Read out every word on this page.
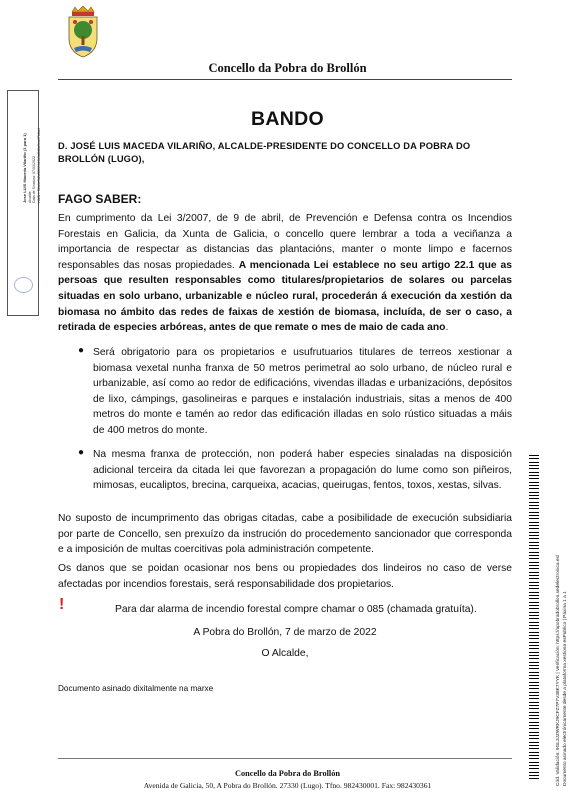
Concello da Pobra do Brollón
Jose LUIS Maceda Vilariño (1 para 1) Alcalde Data de Sinatura: 07/03/2022 HASH: 52a1efb2af861f4d4b3a8d8a9ca47b6a4
BANDO
D. JOSÉ LUIS MACEDA VILARIÑO, ALCALDE-PRESIDENTE DO CONCELLO DA POBRA DO BROLLÓN (LUGO),
FAGO SABER:
En cumprimento da Lei 3/2007, de 9 de abril, de Prevención e Defensa contra os Incendios Forestais en Galicia, da Xunta de Galicia, o concello quere lembrar a toda a veciñanza a importancia de respectar as distancias das plantacións, manter o monte limpo e facernos responsables das nosas propiedades. A mencionada Lei establece no seu artigo 22.1 que as persoas que resulten responsables como titulares/propietarios de solares ou parcelas situadas en solo urbano, urbanizable e núcleo rural, procederán á execución da xestión da biomasa no ámbito das redes de faixas de xestión de biomasa, incluída, de ser o caso, a retirada de especies arbóreas, antes de que remate o mes de maio de cada ano.
● Será obrigatorio para os propietarios e usufrutuarios titulares de terreos xestionar a biomasa vexetal nunha franxa de 50 metros perimetral ao solo urbano, de núcleo rural e urbanizable, así como ao redor de edificacións, vivendas illadas e urbanizacións, depósitos de lixo, cámpings, gasolineiras e parques e instalación industriais, sitas a menos de 400 metros do monte e tamén ao redor das edificación illadas en solo rústico situadas a máis de 400 metros do monte.
● Na mesma franxa de protección, non poderá haber especies sinaladas na disposición adicional terceira da citada lei que favorezan a propagación do lume como son piñeiros, mimosas, eucaliptos, brecina, carqueixa, acacias, queirugas, fentos, toxos, xestas, silvas.
No suposto de incumprimento das obrigas citadas, cabe a posibilidade de execución subsidiaria por parte de Concello, sen prexuízo da instrución do procedemento sancionador que corresponda e a imposición de multas coercitivas pola administración competente.
Os danos que se poidan ocasionar nos bens ou propiedades dos lindeiros no caso de verse afectadas por incendios forestais, será responsabilidade dos propietarios.
!	Para dar alarma de incendio forestal compre chamar o 085 (chamada gratuíta).
A Pobra do Brollón, 7 de marzo de 2022
O Alcalde,
Documento asinado dixitalmente na marxe
Concello da Pobra do Brollón
Avenida de Galicia, 50, A Pobra do Brollón. 27330 (Lugo). Tfno. 982430001. Fax: 982430361	Cód. Validación: 9GL3JZWRKJ9CFZ7P7V38K7YYK | Verificación: https://apobradobrollon.sedelectronica.es/ Documento asinado electrónicamente desde a plataforma xestiona esPublico | Páxina 1 a 1
